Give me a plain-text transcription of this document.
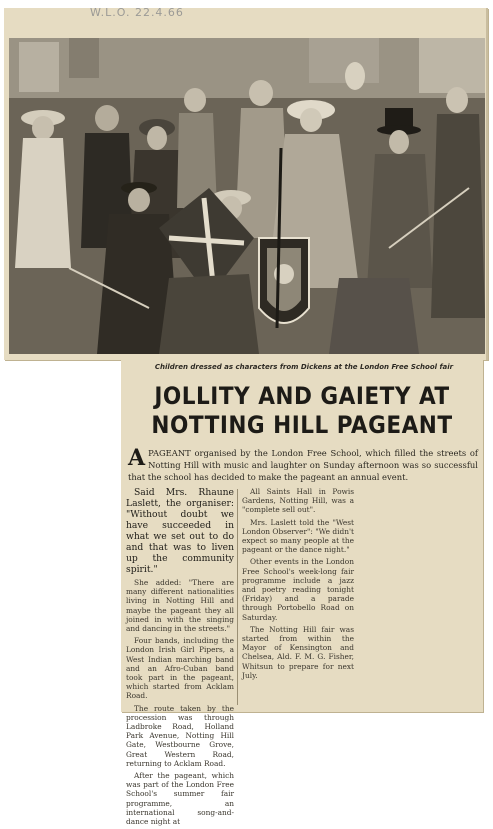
W.L.O. 22.4.66
Children dressed as characters from Dickens at the London Free School fair
JOLLITY AND GAIETY AT
NOTTING HILL PAGEANT
APAGEANT organised by the London Free School, which filled the streets of Notting Hill with music and laughter on Sunday afternoon was so successful that the school has decided to make the pageant an annual event.

Said Mrs. Rhaune Laslett, the organiser: "Without doubt we have succeeded in what we set out to do and that was to liven up the community spirit."

She added: "There are many different nationalities living in Notting Hill and maybe the pageant they all joined in with the singing and dancing in the streets."

Four bands, including the London Irish Girl Pipers, a West Indian marching band and an Afro-Cuban band took part in the pageant, which started from Acklam Road.

The route taken by the procession was through Ladbroke Road, Holland Park Avenue, Notting Hill Gate, Westbourne Grove, Great Western Road, returning to Acklam Road.

After the pageant, which was part of the London Free School's summer fair programme, an international song-and-dance night at

All Saints Hall in Powis Gardens, Notting Hill, was a "complete sell out".

Mrs. Laslett told the "West London Observer": "We didn't expect so many people at the pageant or the dance night."

Other events in the London Free School's week-long fair programme include a jazz and poetry reading tonight (Friday) and a parade through Portobello Road on Saturday.

The Notting Hill fair was started from within the Mayor of Kensington and Chelsea, Ald. F. M. G. Fisher, Whitsun to prepare for next July.
